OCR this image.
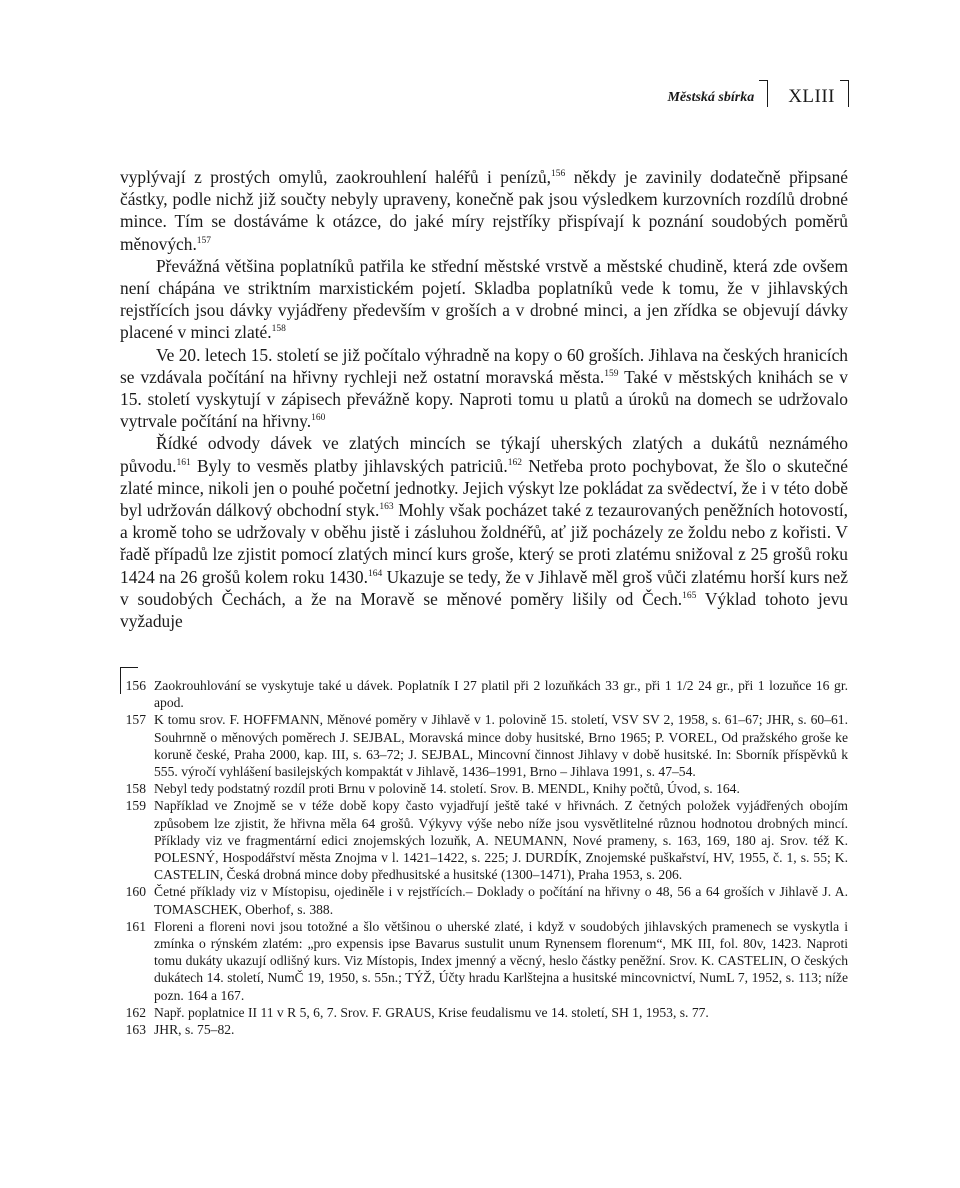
Městská sbírka	XLIII

vyplývají z prostých omylů, zaokrouhlení haléřů i penízů,$^{156}$ někdy je zavinily dodatečně připsané částky, podle nichž již součty nebyly upraveny, konečně pak jsou výsledkem kurzovních rozdílů drobné mince. Tím se dostáváme k otázce, do jaké míry rejstříky přispívají k poznání soudobých poměrů měnových.$^{157}$

Převážná většina poplatníků patřila ke střední městské vrstvě a městské chudině, která zde ovšem není chápána ve striktním marxistickém pojetí. Skladba poplatníků vede k tomu, že v jihlavských rejstřících jsou dávky vyjádřeny především v groších a v drobné minci, a jen zřídka se objevují dávky placené v minci zlaté.$^{158}$

Ve 20. letech 15. století se již počítalo výhradně na kopy o 60 groších. Jihlava na českých hranicích se vzdávala počítání na hřivny rychleji než ostatní moravská města.$^{159}$ Také v městských knihách se v 15. století vyskytují v zápisech převážně kopy. Naproti tomu u platů a úroků na domech se udržovalo vytrvale počítání na hřivny.$^{160}$

Řídké odvody dávek ve zlatých mincích se týkají uherských zlatých a dukátů neznámého původu.$^{161}$ Byly to vesměs platby jihlavských patriciů.$^{162}$ Netřeba proto pochybovat, že šlo o skutečné zlaté mince, nikoli jen o pouhé početní jednotky. Jejich výskyt lze pokládat za svědectví, že i v této době byl udržován dálkový obchodní styk.$^{163}$ Mohly však pocházet také z tezaurovaných peněžních hotovostí, a kromě toho se udržovaly v oběhu jistě i zásluhou žoldnéřů, ať již pocházely ze žoldu nebo z kořisti. V řadě případů lze zjistit pomocí zlatých mincí kurs groše, který se proti zlatému snižoval z 25 grošů roku 1424 na 26 grošů kolem roku 1430.$^{164}$ Ukazuje se tedy, že v Jihlavě měl groš vůči zlatému horší kurs než v soudobých Čechách, a že na Moravě se měnové poměry lišily od Čech.$^{165}$ Výklad tohoto jevu vyžaduje

156 Zaokrouhlování se vyskytuje také u dávek. Poplatník I 27 platil při 2 lozuňkách 33 gr., při 1 1/2 24 gr., při 1 lozuňce 16 gr. apod.
157 K tomu srov. F. HOFFMANN, Měnové poměry v Jihlavě v 1. polovině 15. století, VSV SV 2, 1958, s. 61–67; JHR, s. 60–61. Souhrnně o měnových poměrech J. SEJBAL, Moravská mince doby husitské, Brno 1965; P. VOREL, Od pražského groše ke koruně české, Praha 2000, kap. III, s. 63–72; J. SEJBAL, Mincovní činnost Jihlavy v době husitské. In: Sborník příspěvků k 555. výročí vyhlášení basilejských kompaktát v Jihlavě, 1436–1991, Brno – Jihlava 1991, s. 47–54.
158 Nebyl tedy podstatný rozdíl proti Brnu v polovině 14. století. Srov. B. MENDL, Knihy počtů, Úvod, s. 164.
159 Například ve Znojmě se v téže době kopy často vyjadřují ještě také v hřivnách. Z četných položek vyjádřených obojím způsobem lze zjistit, že hřivna měla 64 grošů. Výkyvy výše nebo níže jsou vysvětlitelné různou hodnotou drobných mincí. Příklady viz ve fragmentární edici znojemských lozuňk, A. NEUMANN, Nové prameny, s. 163, 169, 180 aj. Srov. též K. POLESNÝ, Hospodářství města Znojma v l. 1421–1422, s. 225; J. DURDÍK, Znojemské puškařství, HV, 1955, č. 1, s. 55; K. CASTELIN, Česká drobná mince doby předhusitské a husitské (1300–1471), Praha 1953, s. 206.
160 Četné příklady viz v Místopisu, ojediněle i v rejstřících.– Doklady o počítání na hřivny o 48, 56 a 64 groších v Jihlavě J. A. TOMASCHEK, Oberhof, s. 388.
161 Floreni a floreni novi jsou totožné a šlo většinou o uherské zlaté, i když v soudobých jihlavských pramenech se vyskytla i zmínka o rýnském zlatém: „pro expensis ipse Bavarus sustulit unum Rynensem florenum“, MK III, fol. 80v, 1423. Naproti tomu dukáty ukazují odlišný kurs. Viz Místopis, Index jmenný a věcný, heslo částky peněžní. Srov. K. CASTELIN, O českých dukátech 14. století, NumČ 19, 1950, s. 55n.; TÝŽ, Účty hradu Karlštejna a husitské mincovnictví, NumL 7, 1952, s. 113; níže pozn. 164 a 167.
162 Např. poplatnice II 11 v R 5, 6, 7. Srov. F. GRAUS, Krise feudalismu ve 14. století, SH 1, 1953, s. 77.
163 JHR, s. 75–82.
